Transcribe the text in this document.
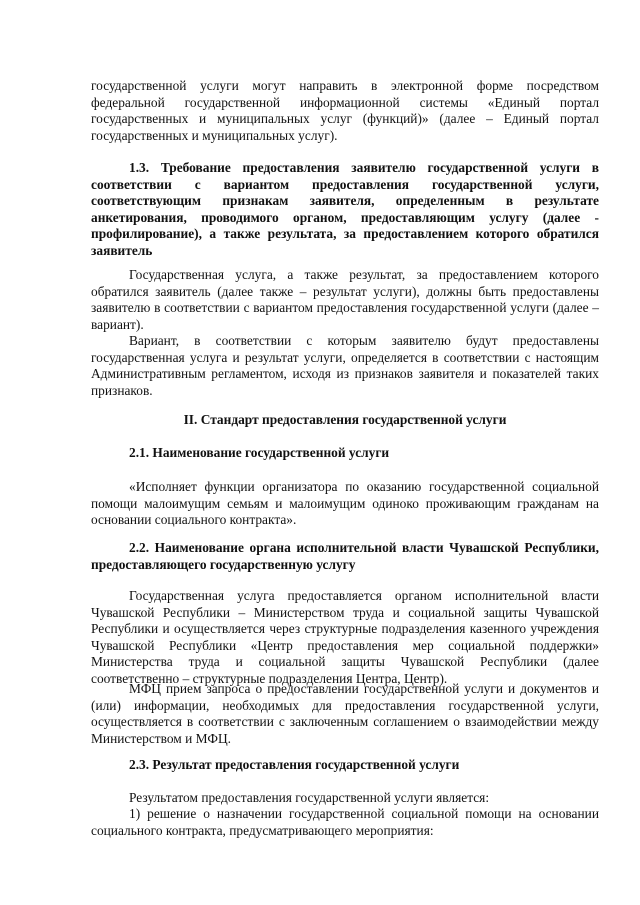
государственной услуги могут направить в электронной форме посредством

федеральной государственной информационной системы «Единый портал

государственных и муниципальных услуг (функций)» (далее – Единый портал

государственных и муниципальных услуг).

1.3. Требование предоставления заявителю государственной услуги в соответствии с вариантом предоставления государственной услуги, соответствующим признакам заявителя, определенным в результате анкетирования, проводимого органом, предоставляющим услугу (далее - профилирование), а также результата, за предоставлением которого обратился заявитель

Государственная услуга, а также результат, за предоставлением которого обратился заявитель (далее также – результат услуги), должны быть предоставлены заявителю в соответствии с вариантом предоставления государственной услуги (далее – вариант).

Вариант, в соответствии с которым заявителю будут предоставлены государственная услуга и результат услуги, определяется в соответствии с настоящим Административным регламентом, исходя из признаков заявителя и показателей таких признаков.

II. Стандарт предоставления государственной услуги

2.1. Наименование государственной услуги

«Исполняет функции организатора по оказанию государственной социальной помощи малоимущим семьям и малоимущим одиноко проживающим гражданам на основании социального контракта».

2.2. Наименование органа исполнительной власти Чувашской Республики, предоставляющего государственную услугу

Государственная услуга предоставляется органом исполнительной власти Чувашской Республики – Министерством труда и социальной защиты Чувашской Республики и осуществляется через структурные подразделения казенного учреждения Чувашской Республики «Центр предоставления мер социальной поддержки» Министерства труда и социальной защиты Чувашской Республики (далее соответственно – структурные подразделения Центра, Центр).

МФЦ прием запроса о предоставлении государственной услуги и документов и (или) информации, необходимых для предоставления государственной услуги, осуществляется в соответствии с заключенным соглашением о взаимодействии между Министерством и МФЦ.

2.3. Результат предоставления государственной услуги

Результатом предоставления государственной услуги является:

1) решение о назначении государственной социальной помощи на основании социального контракта, предусматривающего мероприятия:
